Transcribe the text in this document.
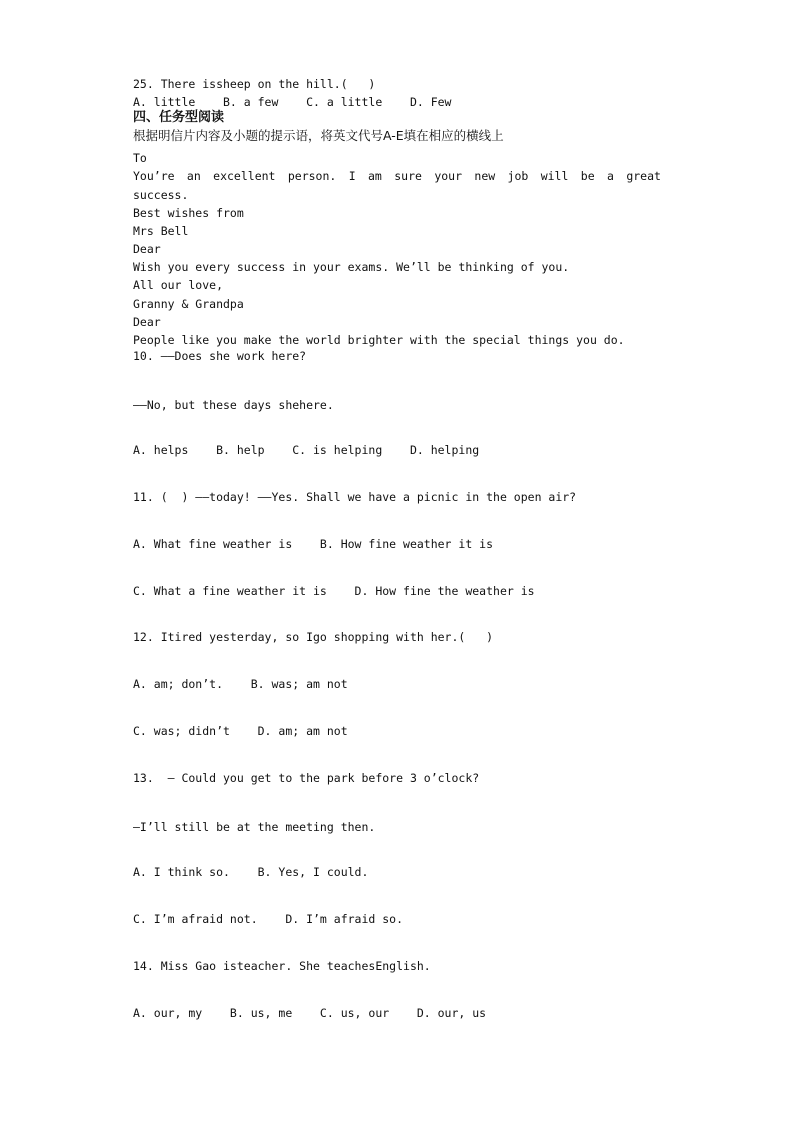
25. There issheep on the hill.(   )
A. little    B. a few    C. a little    D. Few
四、任务型阅读
根据明信片内容及小题的提示语，将英文代号A-E填在相应的横线上
To
You’re an excellent person. I am sure your new job will be a great
success.
Best wishes from
Mrs Bell
Dear
Wish you every success in your exams. We’ll be thinking of you.
All our love,
Granny & Grandpa
Dear
People like you make the world brighter with the special things you do.
10. ——Does she work here?
——No, but these days shehere.
A. helps    B. help    C. is helping    D. helping
11. (  ) ——today! ——Yes. Shall we have a picnic in the open air?
A. What fine weather is    B. How fine weather it is
C. What a fine weather it is    D. How fine the weather is
12. Itired yesterday, so Igo shopping with her.(   )
A. am; don’t.    B. was; am not
C. was; didn’t    D. am; am not
13.  — Could you get to the park before 3 o’clock?
—I’ll still be at the meeting then.
A. I think so.    B. Yes, I could.
C. I’m afraid not.    D. I’m afraid so.
14. Miss Gao isteacher. She teachesEnglish.
A. our, my    B. us, me    C. us, our    D. our, us
